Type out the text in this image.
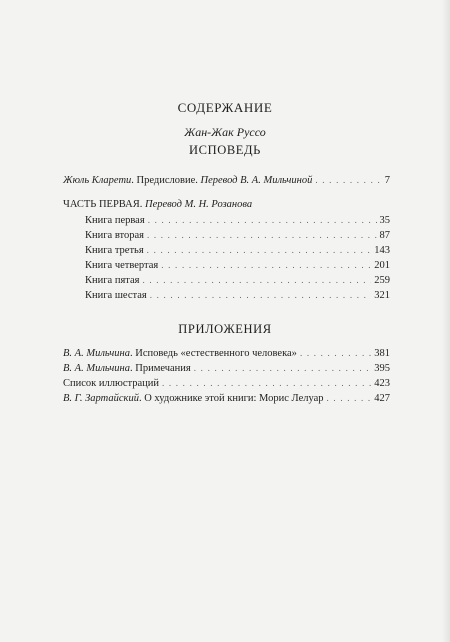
СОДЕРЖАНИЕ
Жан-Жак Руссо
ИСПОВЕДЬ
Жюль Кларети. Предисловие. Перевод В. А. Мильчиной . . .	7
ЧАСТЬ ПЕРВАЯ. Перевод М. Н. Розанова
Книга первая . . .	35
Книга вторая . . .	87
Книга третья . . .	143
Книга четвертая . . .	201
Книга пятая . . .	259
Книга шестая . . .	321
ПРИЛОЖЕНИЯ
В. А. Мильчина. Исповедь «естественного человека» . . .	381
В. А. Мильчина. Примечания . . .	395
Список иллюстраций . . .	423
В. Г. Зартайский. О художнике этой книги: Морис Лелуар . . .	427
